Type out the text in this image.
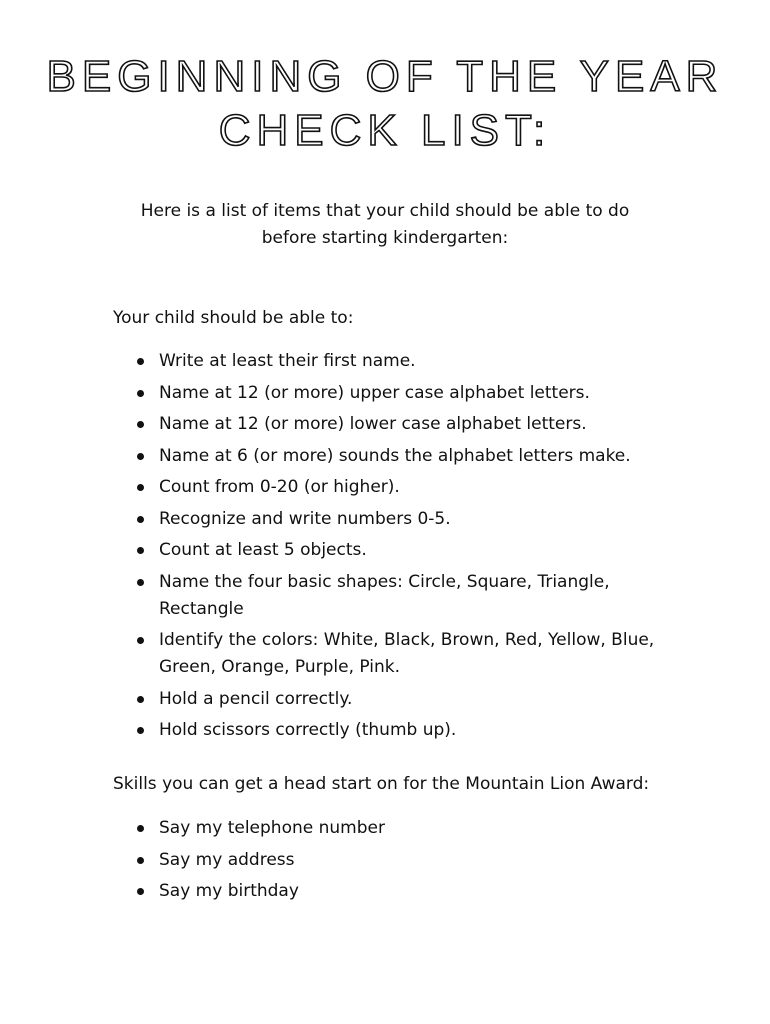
BEGINNING OF THE YEAR
CHECK LIST:

Here is a list of items that your child should be able to do before starting kindergarten:

Your child should be able to:

Write at least their first name.
Name at 12 (or more) upper case alphabet letters.
Name at 12 (or more) lower case alphabet letters.
Name at 6 (or more) sounds the alphabet letters make.
Count from 0-20 (or higher).
Recognize and write numbers 0-5.
Count at least 5 objects.
Name the four basic shapes: Circle, Square, Triangle, Rectangle
Identify the colors: White, Black, Brown, Red, Yellow, Blue, Green, Orange, Purple, Pink.
Hold a pencil correctly.
Hold scissors correctly (thumb up).

Skills you can get a head start on for the Mountain Lion Award:

Say my telephone number
Say my address
Say my birthday
